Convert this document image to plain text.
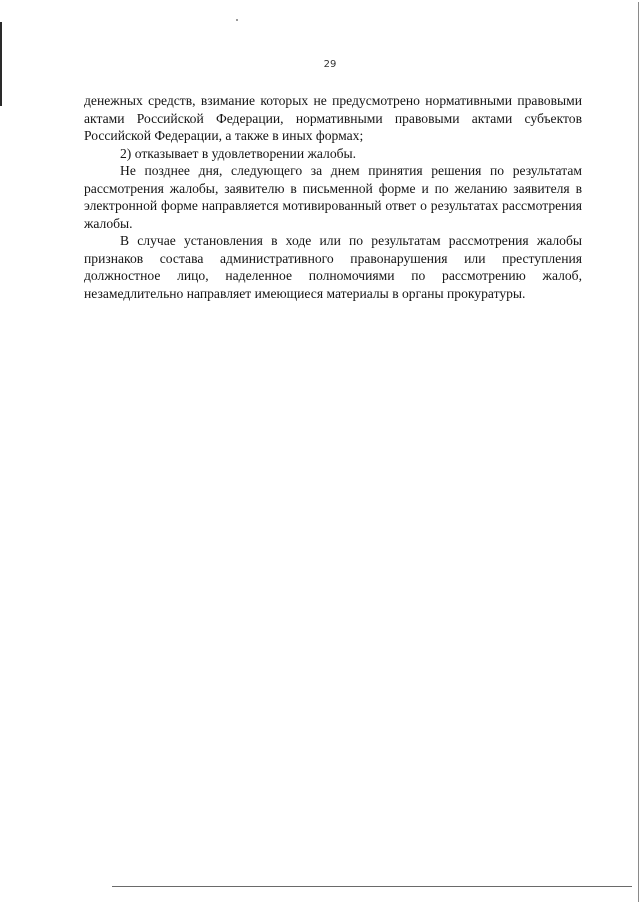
29

денежных средств, взимание которых не предусмотрено нормативными правовыми актами Российской Федерации, нормативными правовыми актами субъектов Российской Федерации, а также в иных формах;

2) отказывает в удовлетворении жалобы.

Не позднее дня, следующего за днем принятия решения по результатам рассмотрения жалобы, заявителю в письменной форме и по желанию заявителя в электронной форме направляется мотивированный ответ о результатах рассмотрения жалобы.

В случае установления в ходе или по результатам рассмотрения жалобы признаков состава административного правонарушения или преступления должностное лицо, наделенное полномочиями по рассмотрению жалоб, незамедлительно направляет имеющиеся материалы в органы прокуратуры.
